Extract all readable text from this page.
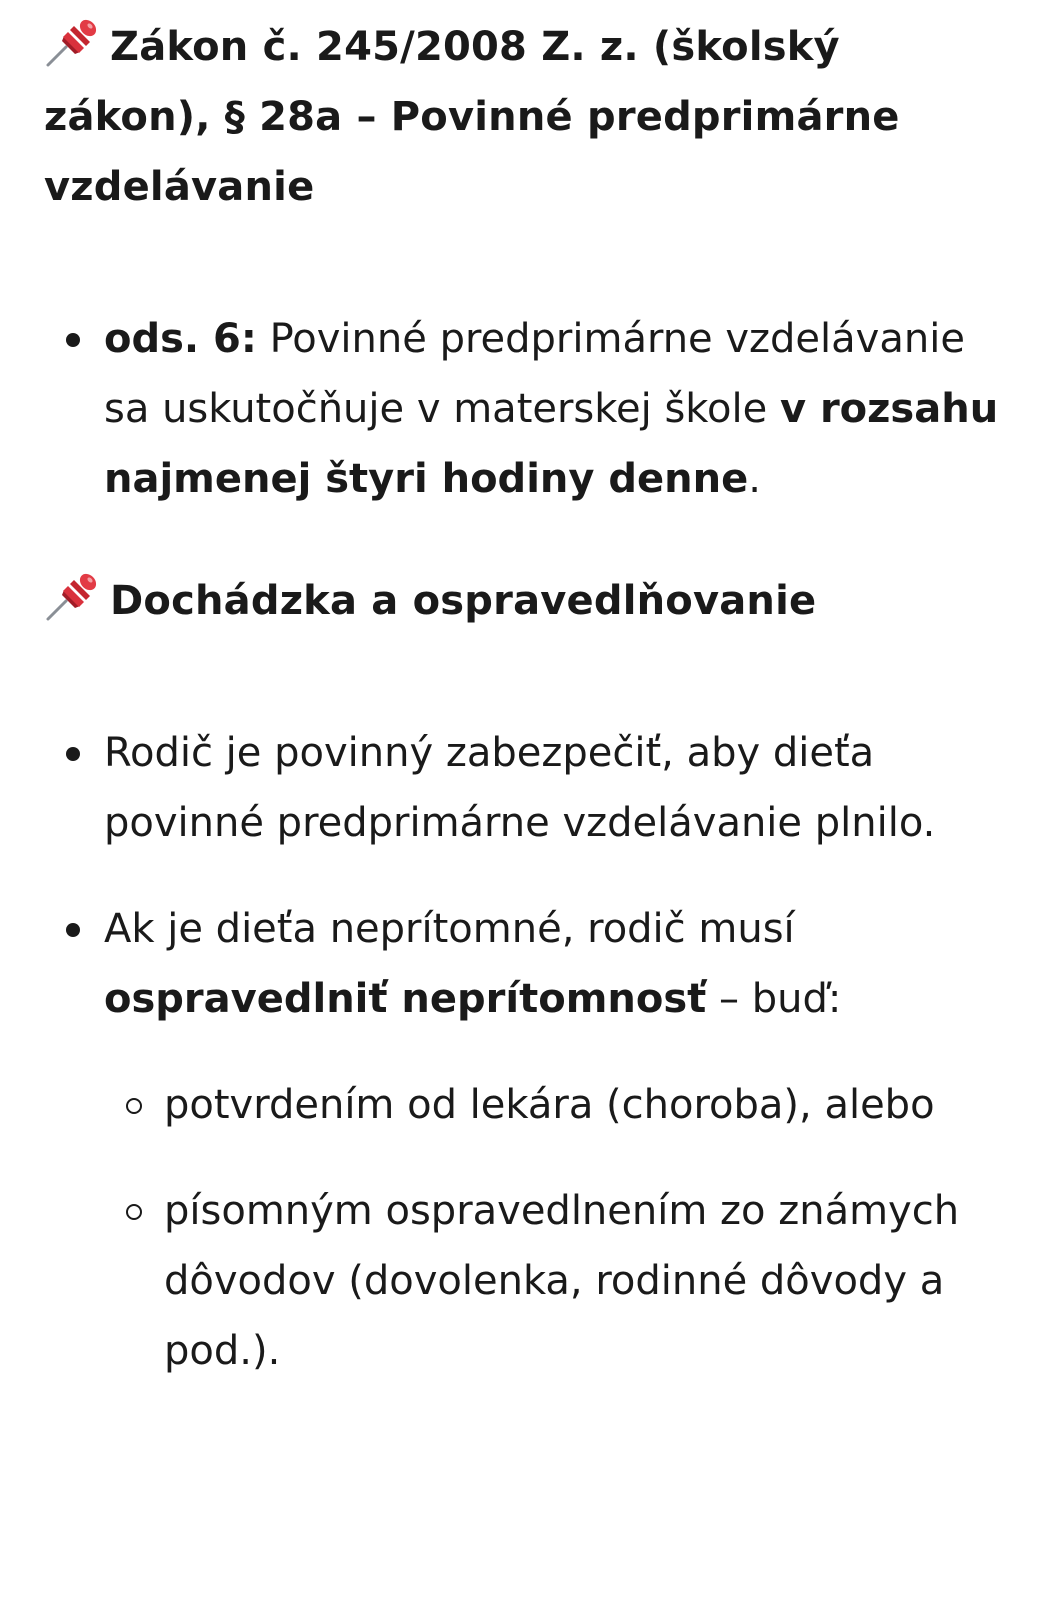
Zákon č. 245/2008 Z. z. (školský zákon), § 28a – Povinné predprimárne vzdelávanie
ods. 6: Povinné predprimárne vzdelávanie sa uskutočňuje v materskej škole v rozsahu najmenej štyri hodiny denne.
Dochádzka a ospravedlňovanie
Rodič je povinný zabezpečiť, aby dieťa povinné predprimárne vzdelávanie plnilo.
Ak je dieťa neprítomné, rodič musí ospravedlniť neprítomnosť – buď:
potvrdením od lekára (choroba), alebo
písomným ospravedlnením zo známych dôvodov (dovolenka, rodinné dôvody a pod.).
